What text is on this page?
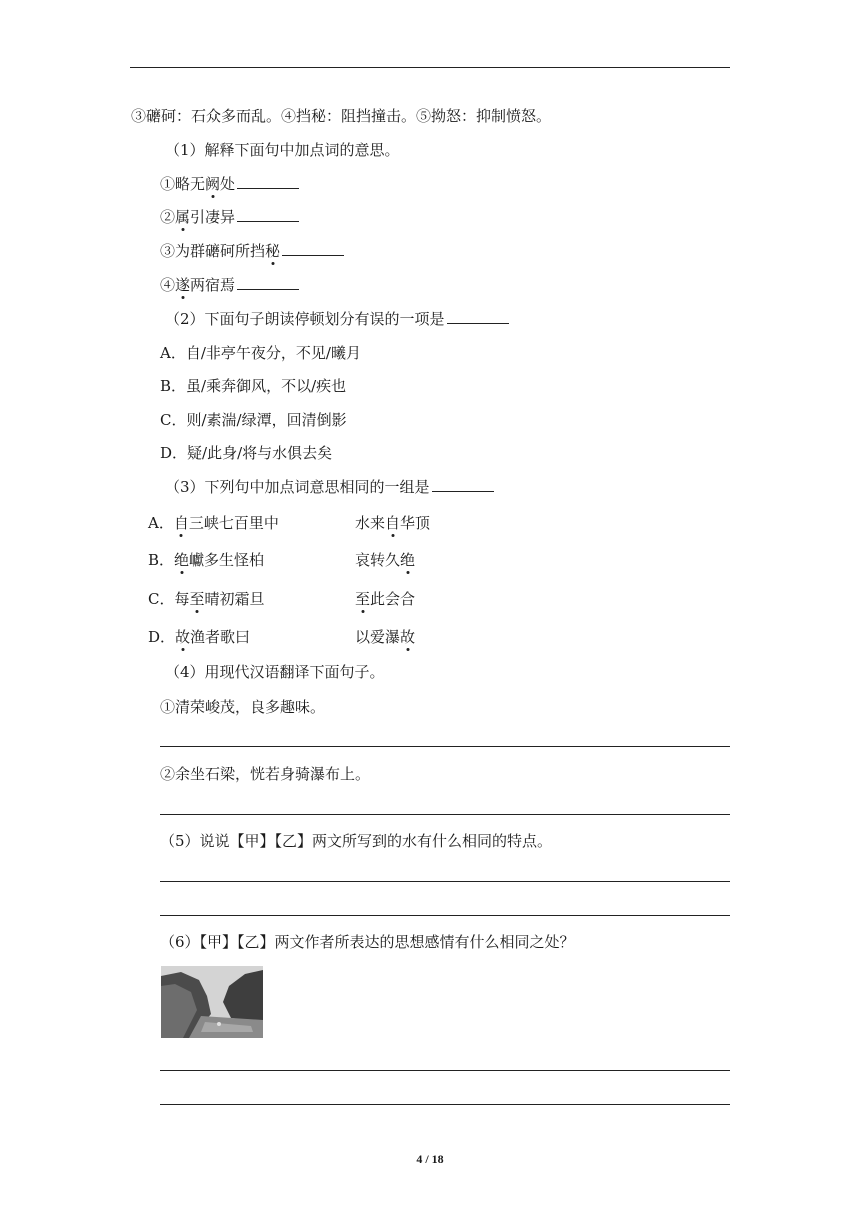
③礳砢：石众多而乱。④挡秘：阻挡撞击。⑤拗怒：抑制愤怒。
（1）解释下面句中加点词的意思。
①略无阙处
②属引凄异
③为群礳砢所挡秘
④遂两宿焉
（2）下面句子朗读停顿划分有误的一项是
A．自/非亭午夜分，不见/曦月
B．虽/乘奔御风，不以/疾也
C．则/素湍/绿潭，回清倒影
D．疑/此身/将与水俱去矣
（3）下列句中加点词意思相同的一组是
A．自三峡七百里中	水来自华顶
B．绝巘多生怪柏	哀转久绝
C．每至晴初霜旦	至此会合
D．故渔者歌曰	以爱瀑故
（4）用现代汉语翻译下面句子。
①清荣峻茂，良多趣味。
②余坐石梁，恍若身骑瀑布上。
（5）说说【甲】【乙】两文所写到的水有什么相同的特点。
（6）【甲】【乙】两文作者所表达的思想感情有什么相同之处？
4 / 18
